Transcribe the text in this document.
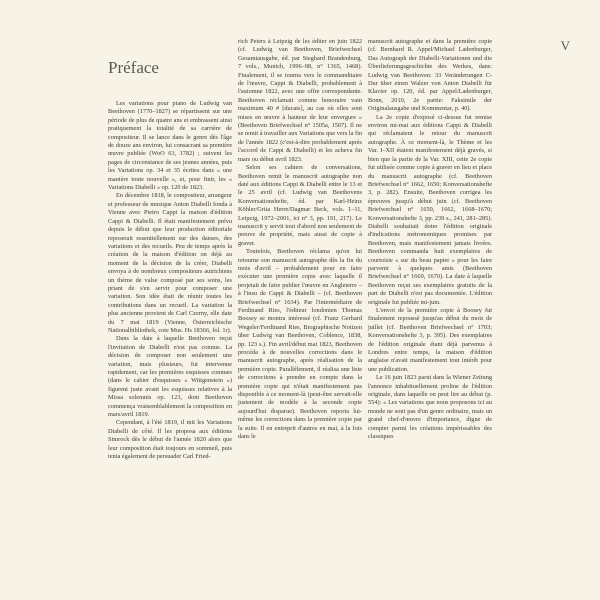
V
Préface

Les variations pour piano de Ludwig van Beethoven (1770–1827) se répartissent sur une période de plus de quatre ans et embrassent ainsi pratiquement la totalité de sa carrière de compositeur. Il se lance dans le genre dès l'âge de douze ans environ, lui consacrant sa première œuvre publiée (WoO 63, 1782) ; suivent les pages de circonstance de ses jeunes années, puis les Variations op. 34 et 35 écrites dans « une manière toute nouvelle », et, pour finir, les « Variations Diabelli » op. 120 de 1823.

En décembre 1818, le compositeur, arrangeur et professeur de musique Anton Diabelli fonda à Vienne avec Pietro Cappi la maison d'édition Cappi & Diabelli. Il était manifestement prévu depuis le début que leur production éditoriale reposerait essentiellement sur des danses, des variations et des recueils. Peu de temps après la création de la maison d'édition on déjà au moment de la décision de la créer, Diabelli envoya à de nombreux compositeurs autrichiens un thème de valse composé par ses soins, les priant de s'en servir pour composer une variation. Son idée était de réunir toutes les contributions dans un recueil. La variation la plus ancienne provient de Carl Czerny, elle date du 7 mai 1819 (Vienne, Österreichische Nationalbibliothek, cote Mus. Hs 18366, fol. 1r).

Dans la date à laquelle Beethoven reçut l'invitation de Diabelli n'est pas connue. La décision de composer non seulement une variation, mais plusieurs, fut intervenue rapidement, car les premières esquisses connues (dans le cahier d'esquisses « Wittgenstein ») figurent juste avant les esquisses relatives à la Missa solemnis op. 123, dont Beethoven commença vraisemblablement la composition en mars/avril 1819.

Cependant, à l'été 1819, il mit les Variations Diabelli de côté. Il les proposa aux éditions Simrock dès le début de l'année 1820 alors que leur composition était toujours en sommeil, puis tenta également de persuader Carl Fried-

rich Peters à Leipzig de les éditer en juin 1822 (cf. Ludwig van Beethoven, Briefwechsel Gesamtausgabe, éd. par Sieghard Brandenburg, 7 vols., Munich, 1996–98, n° 1365, 1468). Finalement, il se tourna vers le commanditaire de l'œuvre, Cappi & Diabelli, probablement à l'automne 1822, avec une offre correspondante. Beethoven réclamait comme honoraire vain maximum 40 # [ducats], au cas où elles sont mises en œuvre à hauteur de leur envergure » (Beethoven Briefwechsel n° 1505a, 1507). Il ne se remit à travailler aux Variations que vers la fin de l'année 1822 (c'est-à-dire probablement après l'accord de Cappi & Diabelli) et les acheva fin mars ou début avril 1823.

Selon ses cahiers de conversations, Beethoven remit le manuscrit autographe non daté aux éditions Cappi & Diabelli entre le 13 et le 25 avril (cf. Ludwig van Beethovens Konversationshefte, éd. par Karl-Heinz Köhler/Grita Herre/Dagmar Beck, vols. 1–11, Leipzig, 1972–2001, ici n° 3, pp. 191, 217). Le manuscrit y servit tout d'abord non seulement de preuve de propriété, mais aussi de copie à graver.

Toutefois, Beethoven réclama qu'on lui retourne son manuscrit autographe dès la fin du mois d'avril – probablement pour en faire exécuter une première copie avec laquelle il projetait de faire publier l'œuvre en Angleterre – à l'insu de Cappi & Diabelli – (cf. Beethoven Briefwechsel n° 1634). Par l'intermédiaire de Ferdinand Ries, l'éditeur londonien Thomas Boosey se montra intéressé (cf. Franz Gerhard Wegeler/Ferdinand Ries, Biographische Notizen über Ludwig van Beethoven, Coblence, 1838, pp. 123 s.). Fin avril/début mai 1823, Beethoven procéda à de nouvelles corrections dans le manuscrit autographe, après réalisation de la première copie. Parallèlement, il réalisa une liste de corrections à prendre en compte dans la première copie qui n'était manifestement pas disponible à ce moment-là (peut-être servait-elle justement de modèle à la seconde copie aujourd'hui disparue). Beethoven reporta lui-même les corrections dans la première copie par la suite. Il en entreprit d'autres en mai, à la fois dans le

manuscrit autographe et dans la première copie (cf. Bernhard R. Appel/Michael Ladenburger, Das Autograph der Diabelli-Variationen und die Überlieferungsgeschichte des Werkes, dans: Ludwig van Beethoven: 33 Veränderungen C-Dur über einen Walzer von Anton Diabelli für Klavier op. 120, éd. par Appel/Ladenburger, Bonn, 2010, 2e partie: Faksimile der Originalausgabe und Kommentar, p. 40).

La 2e copie d'exposé ci-dessus fut remise environ mi-mai aux éditions Cappi & Diabelli qui réclamaient le retour du manuscrit autographe. À ce moment-là, le Thème et les Var. I–XII étaient manifestement déjà gravés, si bien que la partie de la Var. XIII, cette 2e copie fut utilisée comme copie à graver en lieu et place du manuscrit autographe (cf. Beethoven Briefwechsel n° 1662, 1650; Konversationshefte 3, p. 282). Ensuite, Beethoven corrigea les épreuves jusqu'à début juin (cf. Beethoven Briefwechsel n° 1650, 1662, 1668–1670; Konversationshefte 3, pp. 239 s., 241, 281–285). Diabelli souhaitait doter l'édition originale d'indications métronomiques promises par Beethoven, mais manifestement jamais livrées. Beethoven commanda huit exemplaires de courtoisie « sur du beau papier » pour les faire parvenir à quelques amis (Beethoven Briefwechsel n° 1669, 1670). La date à laquelle Beethoven reçut ses exemplaires gratuits de la part de Diabelli n'est pas documentée. L'édition originale fut publiée mi-juin.

L'envoi de la première copie à Boosey fut finalement repoussé jusqu'au début du mois de juillet (cf. Beethoven Briefwechsel n° 1703; Konversationshefte 3, p. 395). Des exemplaires de l'édition originale étant déjà parvenus à Londres entre temps, la maison d'édition anglaise n'avait manifestement tout intérêt pour une publication.

Le 16 juin 1823 parut dans la Wiener Zeitung l'annonce inhabituellement proline de l'édition originale, dans laquelle on peut lire au début (p. 554): « Les variations que nous proposons ici au monde ne sont pas d'un genre ordinaire, mais un grand chef-d'œuvre d'importance, digne de compter parmi les créations impérissables des classiques
